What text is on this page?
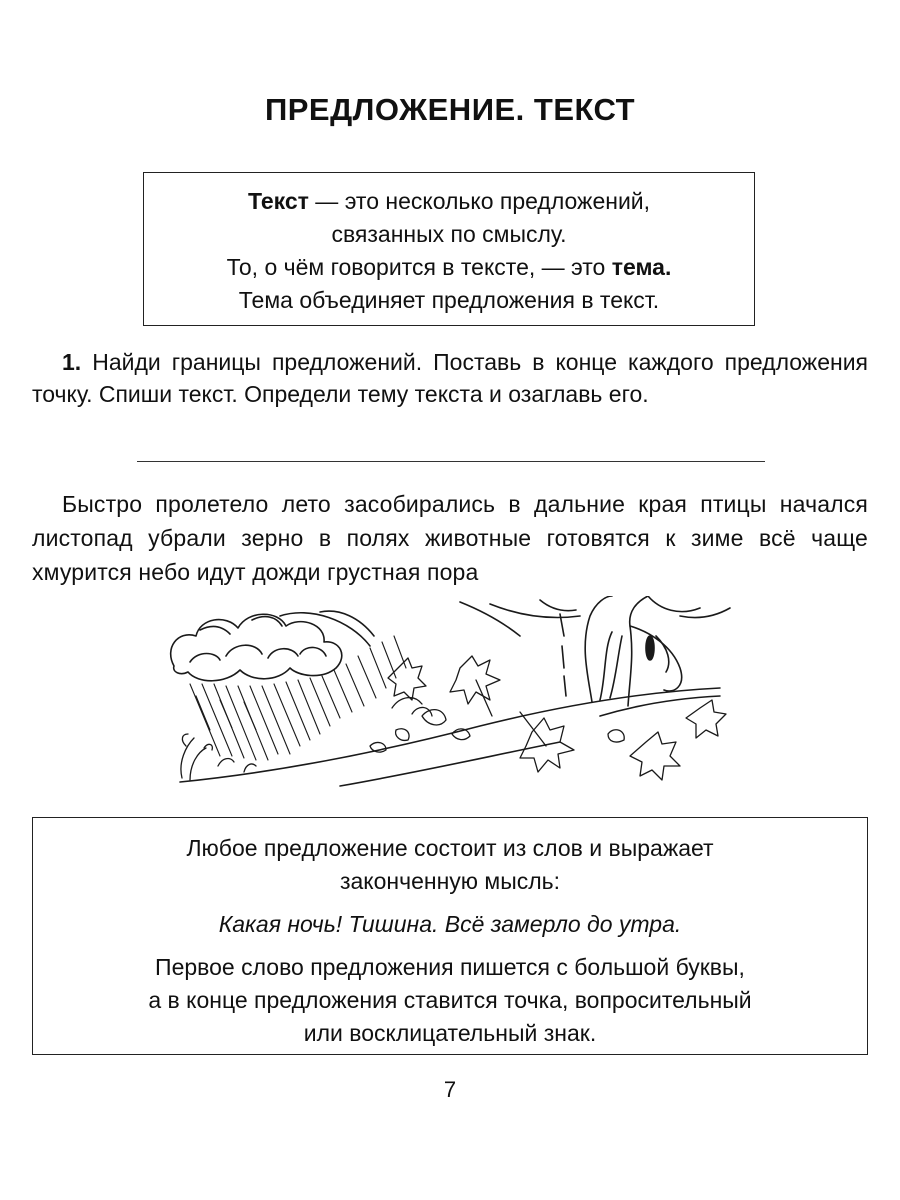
ПРЕДЛОЖЕНИЕ. ТЕКСТ
Текст — это несколько предложений,
связанных по смыслу.
То, о чём говорится в тексте, — это тема.
Тема объединяет предложения в текст.
1. Найди границы предложений. Поставь в конце каждого предложения точку. Спиши текст. Определи тему текста и озаглавь его.
Быстро пролетело лето засобирались в дальние края птицы начался листопад убрали зерно в полях животные готовятся к зиме всё чаще хмурится небо идут дожди грустная пора

Любое предложение состоит из слов и выражает

законченную мысль:

Какая ночь! Тишина. Всё замерло до утра.

Первое слово предложения пишется с большой буквы,

а в конце предложения ставится точка, вопросительный

или восклицательный знак.

7
